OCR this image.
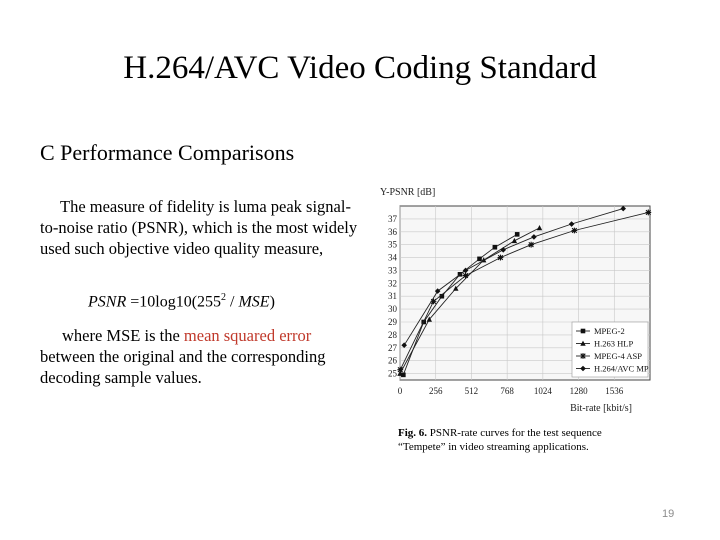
H.264/AVC Video Coding Standard
C Performance Comparisons
The measure of fidelity is luma peak signal-to-noise ratio (PSNR), which is the most widely used such objective video quality measure,
PSNR $=10\log 10(255^2 / MSE)$
where MSE is the mean squared error between the original and the corresponding decoding sample values.
0	256 512 768 1024 1280 1536
25
26
27
28
29
30
31
32
33
34
35
36
37
Y-PSNR [dB]
Bit-rate [kbit/s]
MPEG-2
H.263 HLP
MPEG-4 ASP
H.264/AVC MP
Fig. 6. PSNR-rate curves for the test sequence “Tempete” in video streaming applications.
19
